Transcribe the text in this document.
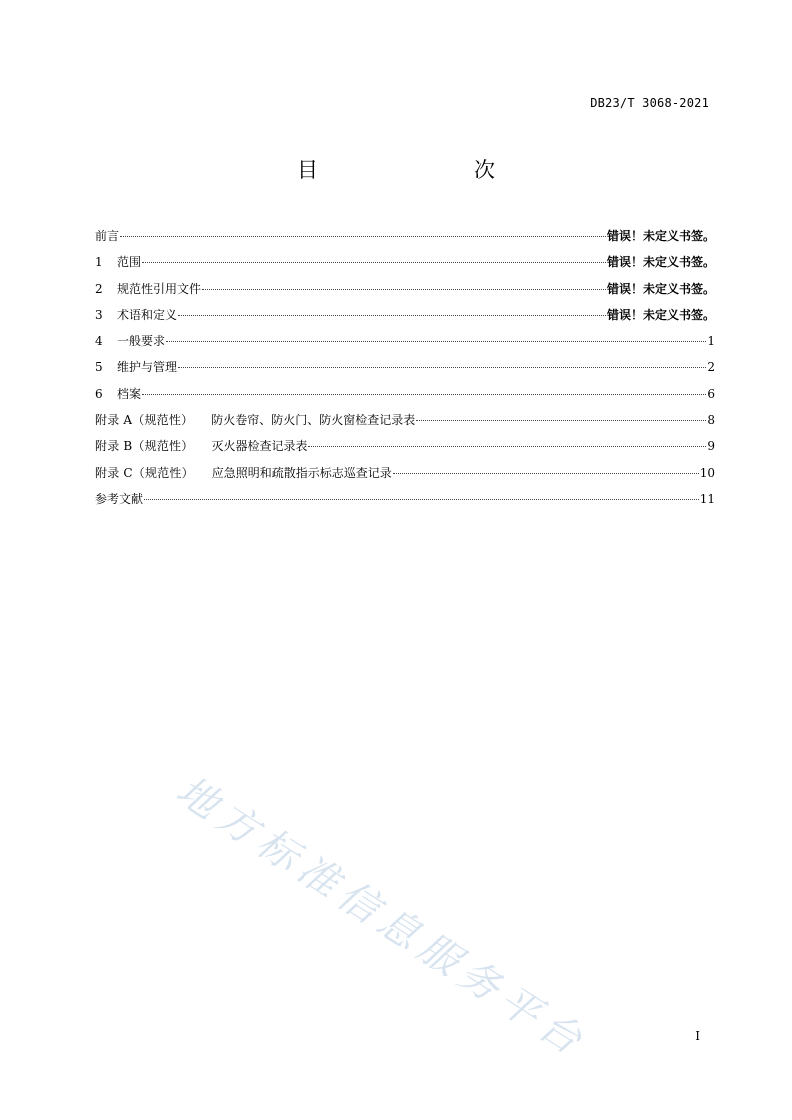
DB23/T 3068-2021
目　　次
前言	错误！未定义书签。
1	范围	错误！未定义书签。
2	规范性引用文件	错误！未定义书签。
3	术语和定义	错误！未定义书签。
4	一般要求	1
5	维护与管理	2
6	档案	6
附录 A（规范性） 防火卷帘、防火门、防火窗检查记录表	8
附录 B（规范性） 灭火器检查记录表	9
附录 C（规范性） 应急照明和疏散指示标志巡查记录	10
参考文献	11
地方标准信息服务平台	I
